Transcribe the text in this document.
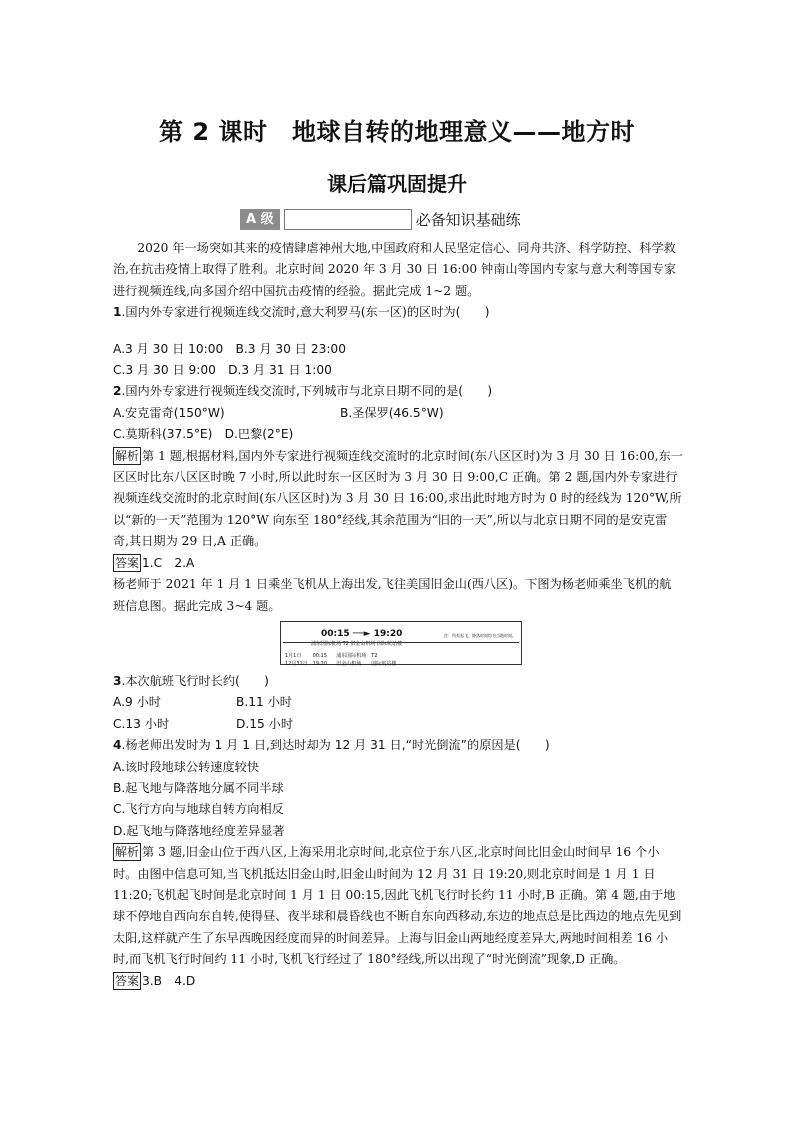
第 2 课时　地球自转的地理意义——地方时
课后篇巩固提升
A 级	必备知识基础练

2020 年一场突如其来的疫情肆虐神州大地,中国政府和人民坚定信心、同舟共济、科学防控、科学救治,在抗击疫情上取得了胜利。北京时间 2020 年 3 月 30 日 16:00 钟南山等国内专家与意大利等国专家进行视频连线,向多国介绍中国抗击疫情的经验。据此完成 1~2 题。

1.国内外专家进行视频连线交流时,意大利罗马(东一区)的区时为(　　)

A.3 月 30 日 10:00　 B.3 月 30 日 23:00

C.3 月 30 日 9:00　 D.3 月 31 日 1:00

2.国内外专家进行视频连线交流时,下列城市与北京日期不同的是(　　)

A.安克雷奇(150°W)	B.圣保罗(46.5°W)

C.莫斯科(37.5°E)　 D.巴黎(2°E)

解析 第 1 题,根据材料,国内外专家进行视频连线交流时的北京时间(东八区区时)为 3 月 30 日 16:00,东一区区时比东八区区时晚 7 小时,所以此时东一区区时为 3 月 30 日 9:00,C 正确。第 2 题,国内外专家进行视频连线交流时的北京时间(东八区区时)为 3 月 30 日 16:00,求出此时地方时为 0 时的经线为 120°W,所以“新的一天”范围为 120°W 向东至 180°经线,其余范围为“旧的一天”,所以与北京日期不同的是安克雷奇,其日期为 29 日,A 正确。

答案 1.C　2.A

杨老师于 2021 年 1 月 1 日乘坐飞机从上海出发,飞往美国旧金山(西八区)。下图为杨老师乘坐飞机的航班信息图。据此完成 3~4 题。

00:15 ──► 19:20	注：所有起飞、降落时间均为当地时间。
浦东国际机场 T2 旧金山机场 国际航站楼
1月1日 00:15 浦东国际机场　T2
12月31日 19:20 旧金山机场　　国际航站楼

3.本次航班飞行时长约(　　)

A.9 小时	B.11 小时
C.13 小时	D.15 小时

4.杨老师出发时为 1 月 1 日,到达时却为 12 月 31 日,“时光倒流”的原因是(　　)

A.该时段地球公转速度较快

B.起飞地与降落地分属不同半球

C.飞行方向与地球自转方向相反

D.起飞地与降落地经度差异显著

解析 第 3 题,旧金山位于西八区,上海采用北京时间,北京位于东八区,北京时间比旧金山时间早 16 个小时。由图中信息可知,当飞机抵达旧金山时,旧金山时间为 12 月 31 日 19:20,则北京时间是 1 月 1 日 11:20;飞机起飞时间是北京时间 1 月 1 日 00:15,因此飞机飞行时长约 11 小时,B 正确。第 4 题,由于地球不停地自西向东自转,使得昼、夜半球和晨昏线也不断自东向西移动,东边的地点总是比西边的地点先见到太阳,这样就产生了东早西晚因经度而异的时间差异。上海与旧金山两地经度差异大,两地时间相差 16 小时,而飞机飞行时间约 11 小时,飞机飞行经过了 180°经线,所以出现了“时光倒流”现象,D 正确。

答案 3.B　4.D
